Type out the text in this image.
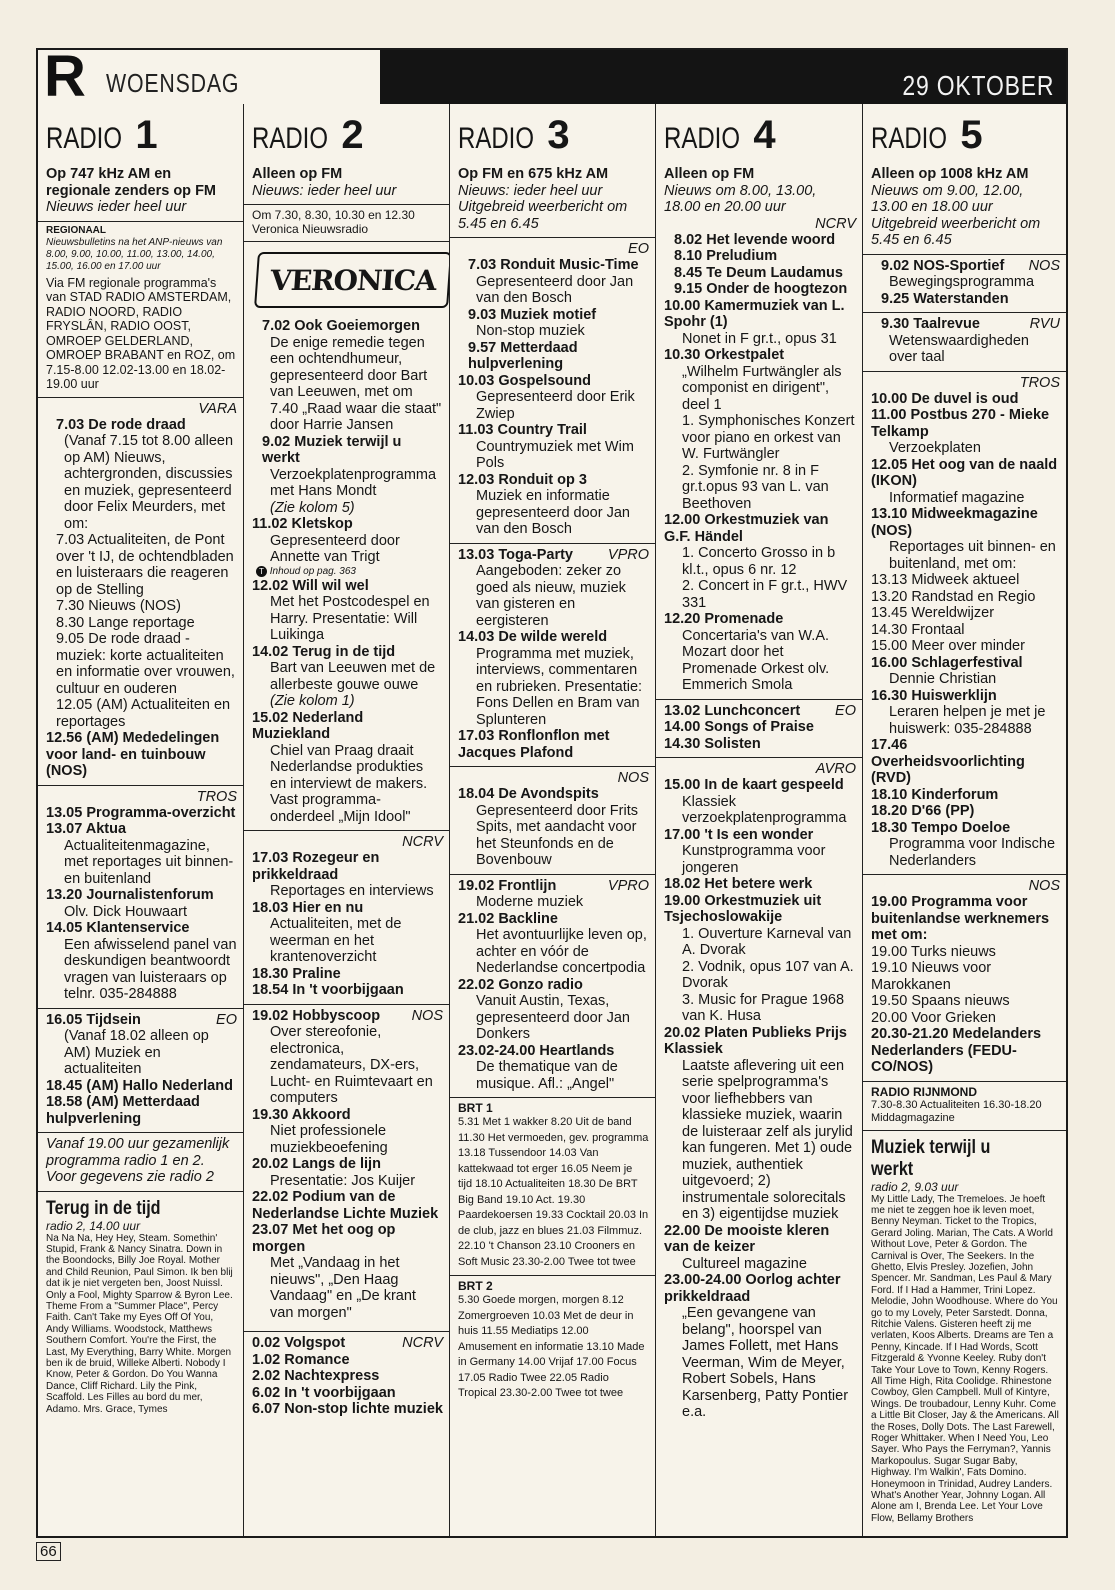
R WOENSDAG	29 OKTOBER
RADIO 1
Op 747 kHz AM en regionale zenders op FM
Nieuws ieder heel uur
REGIONAAL
Nieuwsbulletins na het ANP-nieuws van 8.00, 9.00, 10.00, 11.00, 13.00, 14.00, 15.00, 16.00 en 17.00 uur
Via FM regionale programma's van STAD RADIO AMSTERDAM, RADIO NOORD, RADIO FRYSLÂN, RADIO OOST, OMROEP GELDERLAND, OMROEP BRABANT en ROZ, om 7.15-8.00 12.02-13.00 en 18.02-19.00 uur
VARA
7.03 De rode draad
(Vanaf 7.15 tot 8.00 alleen op AM) Nieuws, achtergronden, discussies en muziek, gepresenteerd door Felix Meurders, met om:
7.03 Actualiteiten, de Pont over 't IJ, de ochtendbladen en luisteraars die reageren op de Stelling
7.30 Nieuws (NOS)
8.30 Lange reportage
9.05 De rode draad - muziek: korte actualiteiten en informatie over vrouwen, cultuur en ouderen
12.05 (AM) Actualiteiten en reportages
12.56 (AM) Mededelingen voor land- en tuinbouw (NOS)
TROS
13.05 Programma-overzicht
13.07 Aktua
Actualiteitenmagazine, met reportages uit binnen- en buitenland
13.20 Journalistenforum
Olv. Dick Houwaart
14.05 Klantenservice
Een afwisselend panel van deskundigen beantwoordt vragen van luisteraars op telnr. 035-284888
16.05 Tijdsein	EO
(Vanaf 18.02 alleen op AM) Muziek en actualiteiten
18.45 (AM) Hallo Nederland
18.58 (AM) Metterdaad hulpverlening
Vanaf 19.00 uur gezamenlijk programma radio 1 en 2. Voor gegevens zie radio 2
Terug in de tijd
radio 2, 14.00 uur
Na Na Na, Hey Hey, Steam. Somethin' Stupid, Frank & Nancy Sinatra. Down in the Boondocks, Billy Joe Royal. Mother and Child Reunion, Paul Simon. Ik ben blij dat ik je niet vergeten ben, Joost Nuissl. Only a Fool, Mighty Sparrow & Byron Lee. Theme From a "Summer Place", Percy Faith. Can't Take my Eyes Off Of You, Andy Williams. Woodstock, Matthews Southern Comfort. You're the First, the Last, My Everything, Barry White. Morgen ben ik de bruid, Willeke Alberti. Nobody I Know, Peter & Gordon. Do You Wanna Dance, Cliff Richard. Lily the Pink, Scaffold. Les Filles au bord du mer, Adamo. Mrs. Grace, Tymes
RADIO 2
Alleen op FM
Nieuws: ieder heel uur
Om 7.30, 8.30, 10.30 en 12.30 Veronica Nieuwsradio
VERONICA
7.02 Ook Goeiemorgen
De enige remedie tegen een ochtendhumeur, gepresenteerd door Bart van Leeuwen, met om 7.40 „Raad waar die staat" door Harrie Jansen
9.02 Muziek terwijl u werkt
Verzoekplatenprogramma met Hans Mondt
(Zie kolom 5)
11.02 Kletskop
Gepresenteerd door Annette van Trigt
T Inhoud op pag. 363
12.02 Will wil wel
Met het Postcodespel en Harry. Presentatie: Will Luikinga
14.02 Terug in de tijd
Bart van Leeuwen met de allerbeste gouwe ouwe
(Zie kolom 1)
15.02 Nederland Muziekland
Chiel van Praag draait Nederlandse produkties en interviewt de makers. Vast programma-onderdeel „Mijn Idool"
NCRV
17.03 Rozegeur en prikkeldraad
Reportages en interviews
18.03 Hier en nu
Actualiteiten, met de weerman en het krantenoverzicht
18.30 Praline
18.54 In 't voorbijgaan
19.02 Hobbyscoop NOS
Over stereofonie, electronica, zendamateurs, DX-ers, Lucht- en Ruimtevaart en computers
19.30 Akkoord
Niet professionele muziekbeoefening
20.02 Langs de lijn
Presentatie: Jos Kuijer
22.02 Podium van de Nederlandse Lichte Muziek
23.07 Met het oog op morgen
Met „Vandaag in het nieuws", „Den Haag Vandaag" en „De krant van morgen"
0.02 Volgspot	NCRV
1.02 Romance
2.02 Nachtexpress
6.02 In 't voorbijgaan
6.07 Non-stop lichte muziek
RADIO 3
Op FM en 675 kHz AM
Nieuws: ieder heel uur Uitgebreid weerbericht om 5.45 en 6.45
EO
7.03 Ronduit Music-Time
Gepresenteerd door Jan van den Bosch
9.03 Muziek motief
Non-stop muziek
9.57 Metterdaad hulpverlening
10.03 Gospelsound
Gepresenteerd door Erik Zwiep
11.03 Country Trail
Countrymuziek met Wim Pols
12.03 Ronduit op 3
Muziek en informatie gepresenteerd door Jan van den Bosch
13.03 Toga-Party VPRO
Aangeboden: zeker zo goed als nieuw, muziek van gisteren en eergisteren
14.03 De wilde wereld
Programma met muziek, interviews, commentaren en rubrieken. Presentatie: Fons Dellen en Bram van Splunteren
17.03 Ronflonflon met Jacques Plafond
NOS
18.04 De Avondspits
Gepresenteerd door Frits Spits, met aandacht voor het Steunfonds en de Bovenbouw
19.02 Frontlijn	VPRO
Moderne muziek
21.02 Backline
Het avontuurlijke leven op, achter en vóór de Nederlandse concertpodia
22.02 Gonzo radio
Vanuit Austin, Texas, gepresenteerd door Jan Donkers
23.02-24.00 Heartlands
De thematique van de musique. Afl.: „Angel"
BRT 1
5.31 Met 1 wakker 8.20 Uit de band 11.30 Het vermoeden, gev. programma 13.18 Tussendoor 14.03 Van kattekwaad tot erger 16.05 Neem je tijd 18.10 Actualiteiten 18.30 De BRT Big Band 19.10 Act. 19.30 Paardekoersen 19.33 Cocktail 20.03 In de club, jazz en blues 21.03 Filmmuz. 22.10 't Chanson 23.10 Crooners en Soft Music 23.30-2.00 Twee tot twee
BRT 2
5.30 Goede morgen, morgen 8.12 Zomergroeven 10.03 Met de deur in huis 11.55 Mediatips 12.00 Amusement en informatie 13.10 Made in Germany 14.00 Vrijaf 17.00 Focus 17.05 Radio Twee 22.05 Radio Tropical 23.30-2.00 Twee tot twee
RADIO 4
Alleen op FM
Nieuws om 8.00, 13.00, 18.00 en 20.00 uur
NCRV
8.02 Het levende woord
8.10 Preludium
8.45 Te Deum Laudamus
9.15 Onder de hoogtezon
10.00 Kamermuziek van L. Spohr (1)
Nonet in F gr.t., opus 31
10.30 Orkestpalet
„Wilhelm Furtwängler als componist en dirigent", deel 1
1. Symphonisches Konzert voor piano en orkest van W. Furtwängler
2. Symfonie nr. 8 in F gr.t.opus 93 van L. van Beethoven
12.00 Orkestmuziek van G.F. Händel
1. Concerto Grosso in b kl.t., opus 6 nr. 12
2. Concert in F gr.t., HWV 331
12.20 Promenade
Concertaria's van W.A. Mozart door het Promenade Orkest olv. Emmerich Smola
13.02 Lunchconcert EO
14.00 Songs of Praise
14.30 Solisten
AVRO
15.00 In de kaart gespeeld
Klassiek verzoekplatenprogramma
17.00 't Is een wonder
Kunstprogramma voor jongeren
18.02 Het betere werk
19.00 Orkestmuziek uit Tsjechoslowakije
1. Ouverture Karneval van A. Dvorak
2. Vodnik, opus 107 van A. Dvorak
3. Music for Prague 1968 van K. Husa
20.02 Platen Publieks Prijs Klassiek
Laatste aflevering uit een serie spelprogramma's voor liefhebbers van klassieke muziek, waarin de luisteraar zelf als jurylid kan fungeren. Met 1) oude muziek, authentiek uitgevoerd; 2) instrumentale solorecitals en 3) eigentijdse muziek
22.00 De mooiste kleren van de keizer
Cultureel magazine
23.00-24.00 Oorlog achter prikkeldraad
„Een gevangene van belang", hoorspel van James Follett, met Hans Veerman, Wim de Meyer, Robert Sobels, Hans Karsenberg, Patty Pontier e.a.
RADIO 5
Alleen op 1008 kHz AM
Nieuws om 9.00, 12.00, 13.00 en 18.00 uur Uitgebreid weerbericht om 5.45 en 6.45
9.02 NOS-Sportief NOS
Bewegingsprogramma
9.25 Waterstanden
9.30 Taalrevue	RVU
Wetenswaardigheden over taal
TROS
10.00 De duvel is oud
11.00 Postbus 270 - Mieke Telkamp
Verzoekplaten
12.05 Het oog van de naald (IKON)
Informatief magazine
13.10 Midweekmagazine (NOS)
Reportages uit binnen- en buitenland, met om:
13.13 Midweek aktueel
13.20 Randstad en Regio
13.45 Wereldwijzer
14.30 Frontaal
15.00 Meer over minder
16.00 Schlagerfestival
Dennie Christian
16.30 Huiswerklijn
Leraren helpen je met je huiswerk: 035-284888
17.46 Overheidsvoorlichting (RVD)
18.10 Kinderforum
18.20 D'66 (PP)
18.30 Tempo Doeloe
Programma voor Indische Nederlanders
NOS
19.00 Programma voor buitenlandse werknemers met om:
19.00 Turks nieuws
19.10 Nieuws voor Marokkanen
19.50 Spaans nieuws
20.00 Voor Grieken
20.30-21.20 Medelanders Nederlanders (FEDU-CO/NOS)
RADIO RIJNMOND
7.30-8.30 Actualiteiten 16.30-18.20 Middagmagazine
Muziek terwijl u werkt
radio 2, 9.03 uur
My Little Lady, The Tremeloes. Je hoeft me niet te zeggen hoe ik leven moet, Benny Neyman. Ticket to the Tropics, Gerard Joling. Marian, The Cats. A World Without Love, Peter & Gordon. The Carnival is Over, The Seekers. In the Ghetto, Elvis Presley. Jozefien, John Spencer. Mr. Sandman, Les Paul & Mary Ford. If I Had a Hammer, Trini Lopez. Melodie, John Woodhouse. Where do You go to my Lovely, Peter Sarstedt. Donna, Ritchie Valens. Gisteren heeft zij me verlaten, Koos Alberts. Dreams are Ten a Penny, Kincade. If I Had Words, Scott Fitzgerald & Yvonne Keeley. Ruby don't Take Your Love to Town, Kenny Rogers. All Time High, Rita Coolidge. Rhinestone Cowboy, Glen Campbell. Mull of Kintyre, Wings. De troubadour, Lenny Kuhr. Come a Little Bit Closer, Jay & the Americans. All the Roses, Dolly Dots. The Last Farewell, Roger Whittaker. When I Need You, Leo Sayer. Who Pays the Ferryman?, Yannis Markopoulus. Sugar Sugar Baby, Highway. I'm Walkin', Fats Domino. Honeymoon in Trinidad, Audrey Landers. What's Another Year, Johnny Logan. All Alone am I, Brenda Lee. Let Your Love Flow, Bellamy Brothers
66
